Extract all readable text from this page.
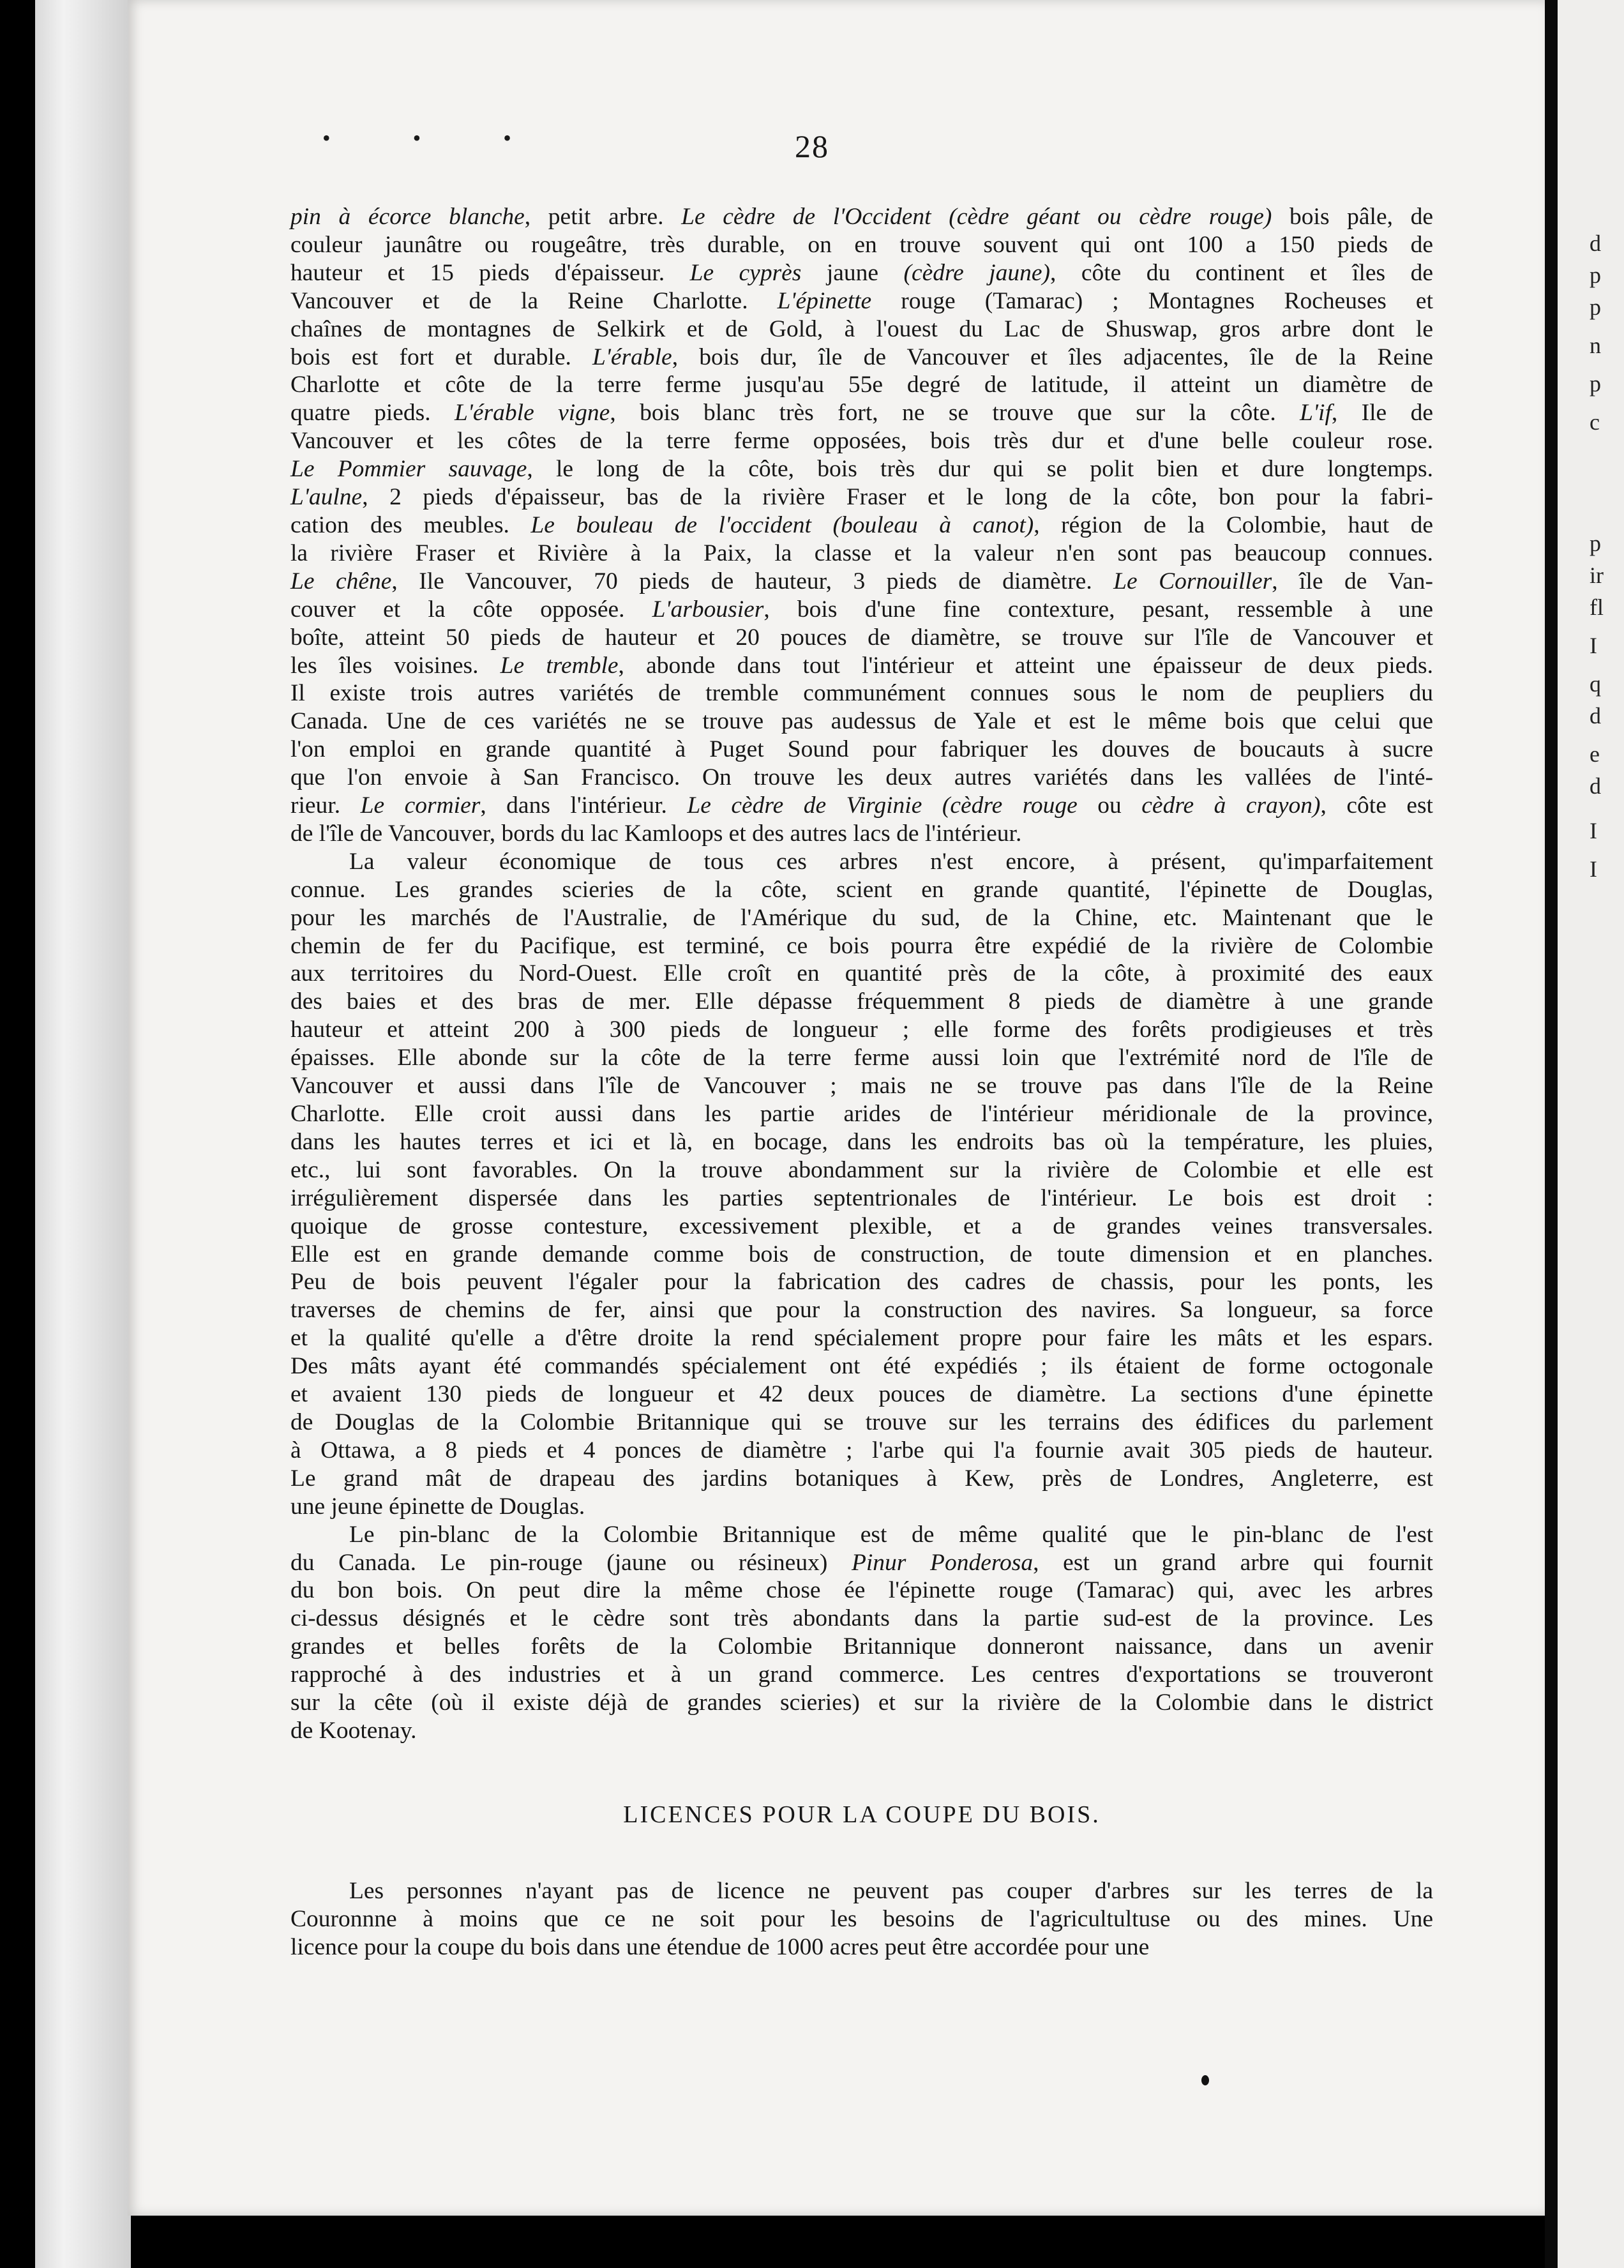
• • •	28
pin à écorce blanche, petit arbre. Le cèdre de l'Occident (cèdre géant ou cèdre rouge) bois pâle, de
couleur jaunâtre ou rougeâtre, très durable, on en trouve souvent qui ont 100 a 150 pieds de
hauteur et 15 pieds d'épaisseur. Le cyprès jaune (cèdre jaune), côte du continent et îles de
Vancouver et de la Reine Charlotte. L'épinette rouge (Tamarac) ; Montagnes Rocheuses et
chaînes de montagnes de Selkirk et de Gold, à l'ouest du Lac de Shuswap, gros arbre dont le
bois est fort et durable. L'érable, bois dur, île de Vancouver et îles adjacentes, île de la Reine
Charlotte et côte de la terre ferme jusqu'au 55e degré de latitude, il atteint un diamètre de
quatre pieds. L'érable vigne, bois blanc très fort, ne se trouve que sur la côte. L'if, Ile de
Vancouver et les côtes de la terre ferme opposées, bois très dur et d'une belle couleur rose.
Le Pommier sauvage, le long de la côte, bois très dur qui se polit bien et dure longtemps.
L'aulne, 2 pieds d'épaisseur, bas de la rivière Fraser et le long de la côte, bon pour la fabri-
cation des meubles. Le bouleau de l'occident (bouleau à canot), région de la Colombie, haut de
la rivière Fraser et Rivière à la Paix, la classe et la valeur n'en sont pas beaucoup connues.
Le chêne, Ile Vancouver, 70 pieds de hauteur, 3 pieds de diamètre. Le Cornouiller, île de Van-
couver et la côte opposée. L'arbousier, bois d'une fine contexture, pesant, ressemble à une
boîte, atteint 50 pieds de hauteur et 20 pouces de diamètre, se trouve sur l'île de Vancouver et
les îles voisines. Le tremble, abonde dans tout l'intérieur et atteint une épaisseur de deux pieds.
Il existe trois autres variétés de tremble communément connues sous le nom de peupliers du
Canada. Une de ces variétés ne se trouve pas audessus de Yale et est le même bois que celui que
l'on emploi en grande quantité à Puget Sound pour fabriquer les douves de boucauts à sucre
que l'on envoie à San Francisco. On trouve les deux autres variétés dans les vallées de l'inté-
rieur. Le cormier, dans l'intérieur. Le cèdre de Virginie (cèdre rouge ou cèdre à crayon), côte est
de l'île de Vancouver, bords du lac Kamloops et des autres lacs de l'intérieur.
La valeur économique de tous ces arbres n'est encore, à présent, qu'imparfaitement
connue. Les grandes scieries de la côte, scient en grande quantité, l'épinette de Douglas,
pour les marchés de l'Australie, de l'Amérique du sud, de la Chine, etc. Maintenant que le
chemin de fer du Pacifique, est terminé, ce bois pourra être expédié de la rivière de Colombie
aux territoires du Nord-Ouest. Elle croît en quantité près de la côte, à proximité des eaux
des baies et des bras de mer. Elle dépasse fréquemment 8 pieds de diamètre à une grande
hauteur et atteint 200 à 300 pieds de longueur ; elle forme des forêts prodigieuses et très
épaisses. Elle abonde sur la côte de la terre ferme aussi loin que l'extrémité nord de l'île de
Vancouver et aussi dans l'île de Vancouver ; mais ne se trouve pas dans l'île de la Reine
Charlotte. Elle croit aussi dans les partie arides de l'intérieur méridionale de la province,
dans les hautes terres et ici et là, en bocage, dans les endroits bas où la température, les pluies,
etc., lui sont favorables. On la trouve abondamment sur la rivière de Colombie et elle est
irrégulièrement dispersée dans les parties septentrionales de l'intérieur. Le bois est droit :
quoique de grosse contesture, excessivement plexible, et a de grandes veines transversales.
Elle est en grande demande comme bois de construction, de toute dimension et en planches.
Peu de bois peuvent l'égaler pour la fabrication des cadres de chassis, pour les ponts, les
traverses de chemins de fer, ainsi que pour la construction des navires. Sa longueur, sa force
et la qualité qu'elle a d'être droite la rend spécialement propre pour faire les mâts et les espars.
Des mâts ayant été commandés spécialement ont été expédiés ; ils étaient de forme octogonale
et avaient 130 pieds de longueur et 42 deux pouces de diamètre. La sections d'une épinette
de Douglas de la Colombie Britannique qui se trouve sur les terrains des édifices du parlement
à Ottawa, a 8 pieds et 4 ponces de diamètre ; l'arbe qui l'a fournie avait 305 pieds de hauteur.
Le grand mât de drapeau des jardins botaniques à Kew, près de Londres, Angleterre, est
une jeune épinette de Douglas.
Le pin-blanc de la Colombie Britannique est de même qualité que le pin-blanc de l'est
du Canada. Le pin-rouge (jaune ou résineux) Pinur Ponderosa, est un grand arbre qui fournit
du bon bois. On peut dire la même chose ée l'épinette rouge (Tamarac) qui, avec les arbres
ci-dessus désignés et le cèdre sont très abondants dans la partie sud-est de la province. Les
grandes et belles forêts de la Colombie Britannique donneront naissance, dans un avenir
rapproché à des industries et à un grand commerce. Les centres d'exportations se trouveront
sur la cête (où il existe déjà de grandes scieries) et sur la rivière de la Colombie dans le district
de Kootenay.
LICENCES POUR LA COUPE DU BOIS.
Les personnes n'ayant pas de licence ne peuvent pas couper d'arbres sur les terres de la
Couronnne à moins que ce ne soit pour les besoins de l'agricultultuse ou des mines. Une
licence pour la coupe du bois dans une étendue de 1000 acres peut être accordée pour une
d
p
p
n
p
c
p
ir
fl
I
q
d
e
d
I
I
